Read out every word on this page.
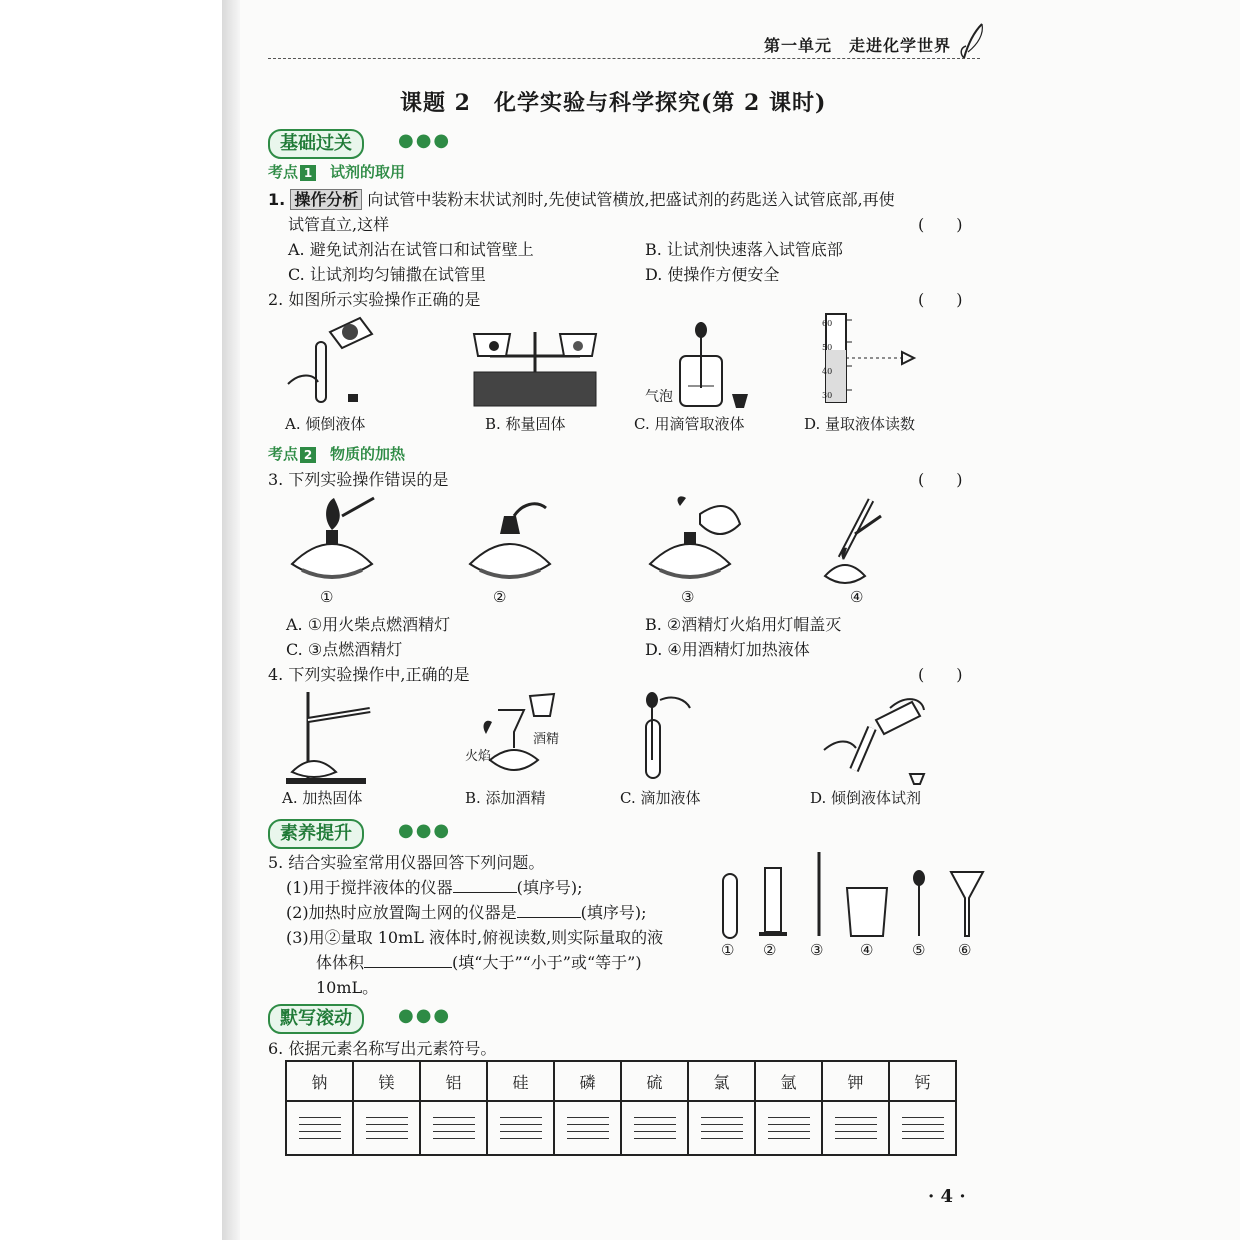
第一单元　走进化学世界
课题 2　化学实验与科学探究(第 2 课时)
基础过关	●●●
考点 1 试剂的取用
1. 操作分析 向试管中装粉末状试剂时,先使试管横放,把盛试剂的药匙送入试管底部,再使
试管直立,这样	(　　)
A. 避免试剂沾在试管口和试管壁上	B. 让试剂快速落入试管底部
C. 让试剂均匀铺撒在试管里	D. 使操作方便安全
2. 如图所示实验操作正确的是	(　　)
气泡
60
50
40
30
A. 倾倒液体	B. 称量固体	C. 用滴管取液体	D. 量取液体读数
考点 2 物质的加热
3. 下列实验操作错误的是	(　　)
①	②	③	④
A. ①用火柴点燃酒精灯	B. ②酒精灯火焰用灯帽盖灭
C. ③点燃酒精灯	D. ④用酒精灯加热液体
4. 下列实验操作中,正确的是	(　　)
火焰
酒精
A. 加热固体	B. 添加酒精	C. 滴加液体	D. 倾倒液体试剂
素养提升	●●●
5. 结合实验室常用仪器回答下列问题。
(1)用于搅拌液体的仪器	(填序号);
(2)加热时应放置陶土网的仪器是	(填序号);
(3)用②量取 10mL 液体时,俯视读数,则实际量取的液
体体积	(填“大于”“小于”或“等于”)
10mL。
① ② ③ ④	⑤ ⑥
默写滚动	●●●
6. 依据元素名称写出元素符号。
钠	镁	铝	硅	磷	硫	氯	氩	钾	钙

· 4 ·
